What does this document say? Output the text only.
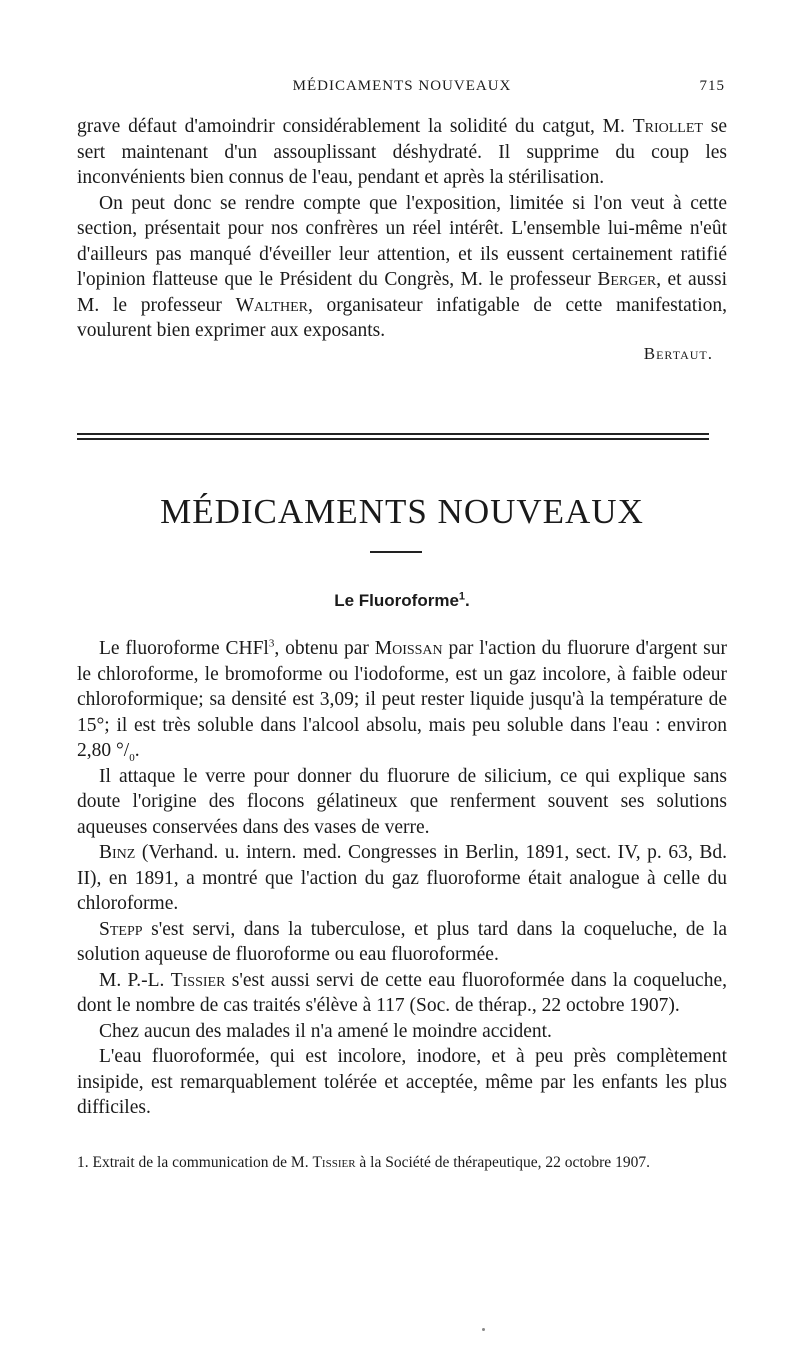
MÉDICAMENTS NOUVEAUX	715

grave défaut d'amoindrir considérablement la solidité du catgut, M. Triollet se sert maintenant d'un assouplissant déshydraté. Il supprime du coup les inconvénients bien connus de l'eau, pendant et après la stérilisation.

On peut donc se rendre compte que l'exposition, limitée si l'on veut à cette section, présentait pour nos confrères un réel intérêt. L'ensemble lui-même n'eût d'ailleurs pas manqué d'éveiller leur attention, et ils eussent certainement ratifié l'opinion flatteuse que le Président du Congrès, M. le professeur Berger, et aussi M. le professeur Walther, organisateur infatigable de cette manifestation, voulurent bien exprimer aux exposants.

Bertaut.

MÉDICAMENTS NOUVEAUX

Le Fluoroforme$^1$.

Le fluoroforme CHFl$^3$, obtenu par Moissan par l'action du fluorure d'argent sur le chloroforme, le bromoforme ou l'iodoforme, est un gaz incolore, à faible odeur chloroformique; sa densité est 3,09; il peut rester liquide jusqu'à la température de 15°; il est très soluble dans l'alcool absolu, mais peu soluble dans l'eau : environ 2,80 $^\circ/_0$.

Il attaque le verre pour donner du fluorure de silicium, ce qui explique sans doute l'origine des flocons gélatineux que renferment souvent ses solutions aqueuses conservées dans des vases de verre.

Binz (Verhand. u. intern. med. Congresses in Berlin, 1891, sect. IV, p. 63, Bd. II), en 1891, a montré que l'action du gaz fluoroforme était analogue à celle du chloroforme.

Stepp s'est servi, dans la tuberculose, et plus tard dans la coqueluche, de la solution aqueuse de fluoroforme ou eau fluoroformée.

M. P.-L. Tissier s'est aussi servi de cette eau fluoroformée dans la coqueluche, dont le nombre de cas traités s'élève à 117 (Soc. de thérap., 22 octobre 1907).

Chez aucun des malades il n'a amené le moindre accident.

L'eau fluoroformée, qui est incolore, inodore, et à peu près complètement insipide, est remarquablement tolérée et acceptée, même par les enfants les plus difficiles.

1. Extrait de la communication de M. Tissier à la Société de thérapeutique, 22 octobre 1907.
